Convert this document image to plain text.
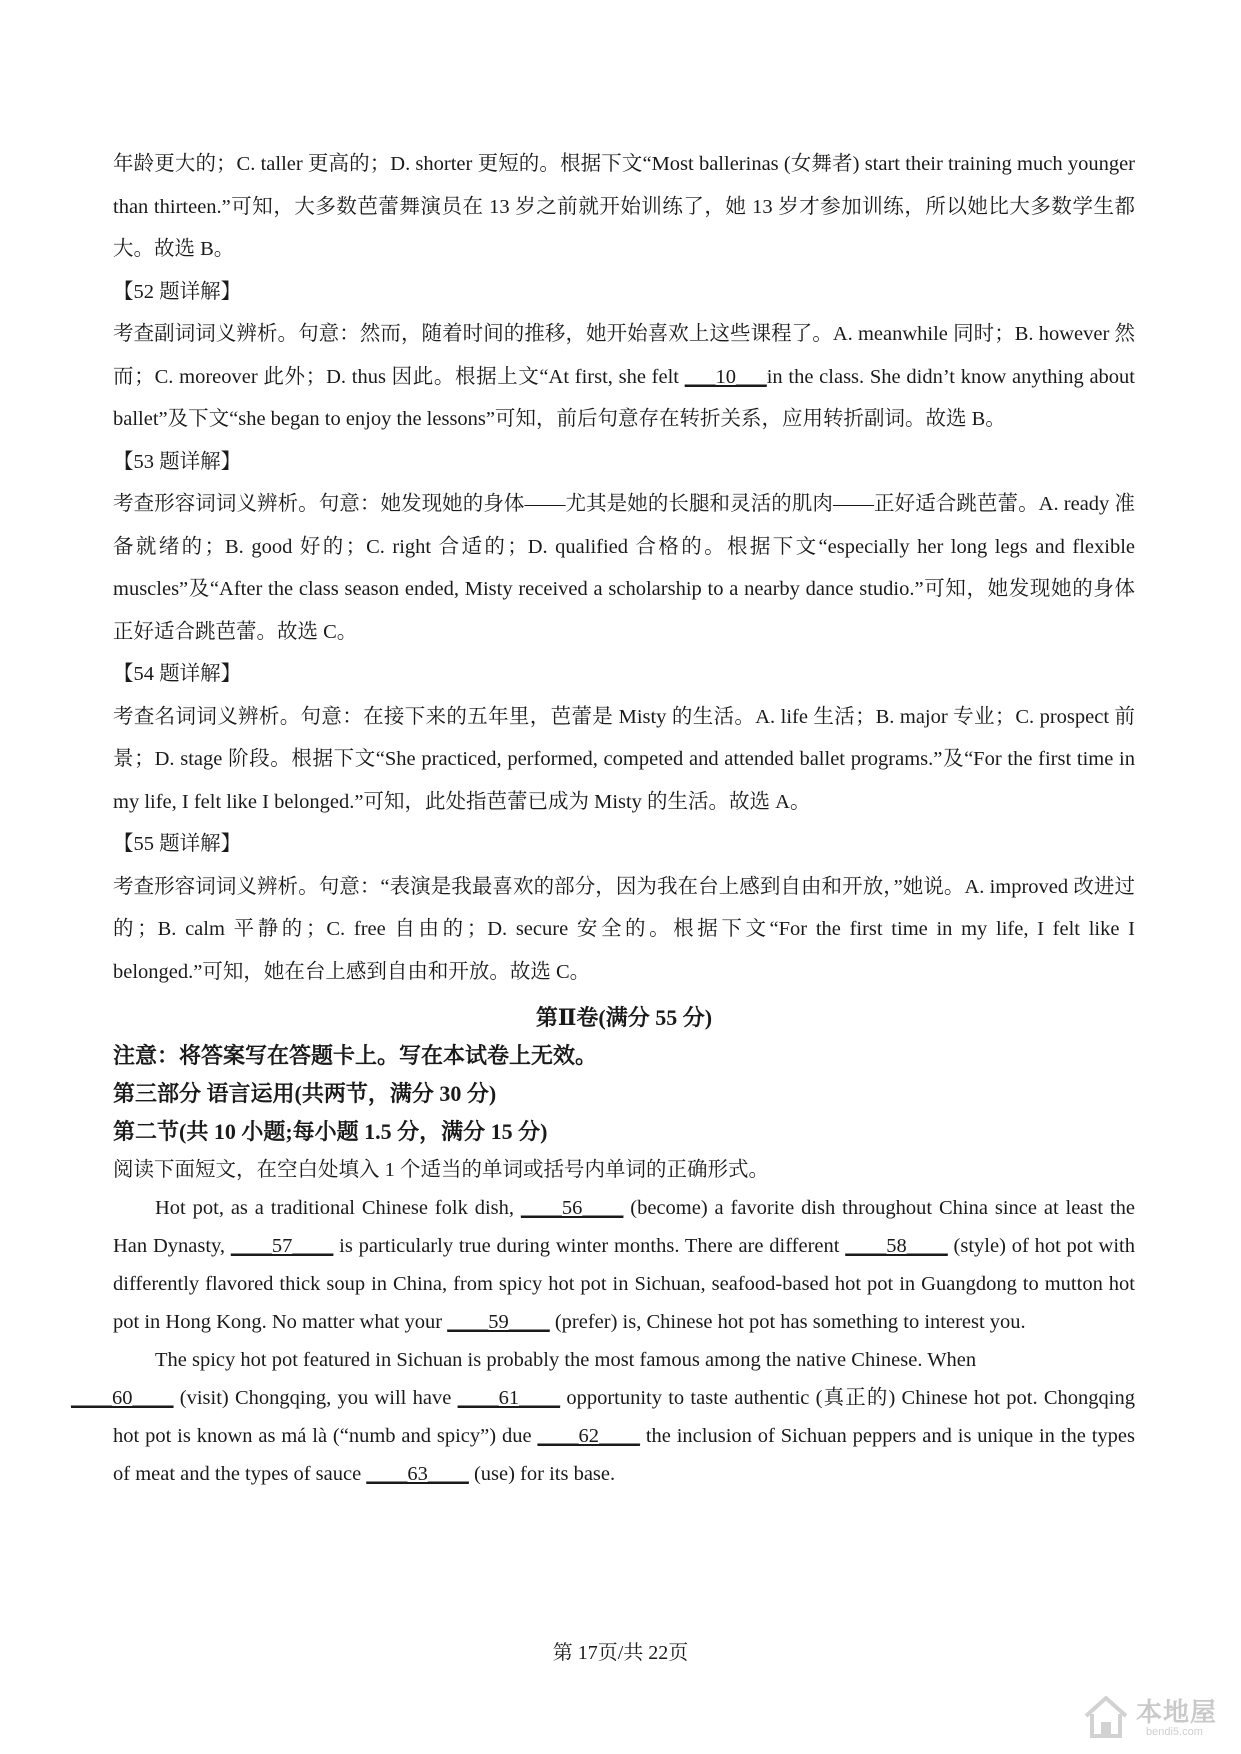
年龄更大的；C. taller 更高的；D. shorter 更短的。根据下文“Most ballerinas (女舞者) start their training much younger than thirteen.”可知，大多数芭蕾舞演员在 13 岁之前就开始训练了，她 13 岁才参加训练，所以她比大多数学生都大。故选 B。

【52 题详解】

考查副词词义辨析。句意：然而，随着时间的推移，她开始喜欢上这些课程了。A. meanwhile 同时；B. however 然而；C. moreover 此外；D. thus 因此。根据上文“At first, she felt ___10___in the class. She didn’t know anything about ballet”及下文“she began to enjoy the lessons”可知，前后句意存在转折关系，应用转折副词。故选 B。

【53 题详解】

考查形容词词义辨析。句意：她发现她的身体——尤其是她的长腿和灵活的肌肉——正好适合跳芭蕾。A. ready 准备就绪的；B. good 好的；C. right 合适的；D. qualified 合格的。根据下文“especially her long legs and flexible muscles”及“After the class season ended, Misty received a scholarship to a nearby dance studio.”可知，她发现她的身体正好适合跳芭蕾。故选 C。

【54 题详解】

考查名词词义辨析。句意：在接下来的五年里，芭蕾是 Misty 的生活。A. life 生活；B. major 专业；C. prospect 前景；D. stage 阶段。根据下文“She practiced, performed, competed and attended ballet programs.”及“For the first time in my life, I felt like I belonged.”可知，此处指芭蕾已成为 Misty 的生活。故选 A。

【55 题详解】

考查形容词词义辨析。句意：“表演是我最喜欢的部分，因为我在台上感到自由和开放，”她说。A. improved 改进过的；B. calm 平静的；C. free 自由的；D. secure 安全的。根据下文“For the first time in my life, I felt like I belonged.”可知，她在台上感到自由和开放。故选 C。

第Ⅱ卷(满分 55 分)

注意：将答案写在答题卡上。写在本试卷上无效。

第三部分 语言运用(共两节，满分 30 分)

第二节(共 10 小题;每小题 1.5 分，满分 15 分)

阅读下面短文，在空白处填入 1 个适当的单词或括号内单词的正确形式。

Hot pot, as a traditional Chinese folk dish, ____56____ (become) a favorite dish throughout China since at least the Han Dynasty, ____57____ is particularly true during winter months. There are different ____58____ (style) of hot pot with differently flavored thick soup in China, from spicy hot pot in Sichuan, seafood-based hot pot in Guangdong to mutton hot pot in Hong Kong. No matter what your ____59____ (prefer) is, Chinese hot pot has something to interest you.

The spicy hot pot featured in Sichuan is probably the most famous among the native Chinese. When
____60____ (visit) Chongqing, you will have ____61____ opportunity to taste authentic (真正的) Chinese hot pot. Chongqing hot pot is known as má là (“numb and spicy”) due ____62____ the inclusion of Sichuan peppers and is unique in the types of meat and the types of sauce ____63____ (use) for its base.

第 17页/共 22页
本地屋
bendi5.com
